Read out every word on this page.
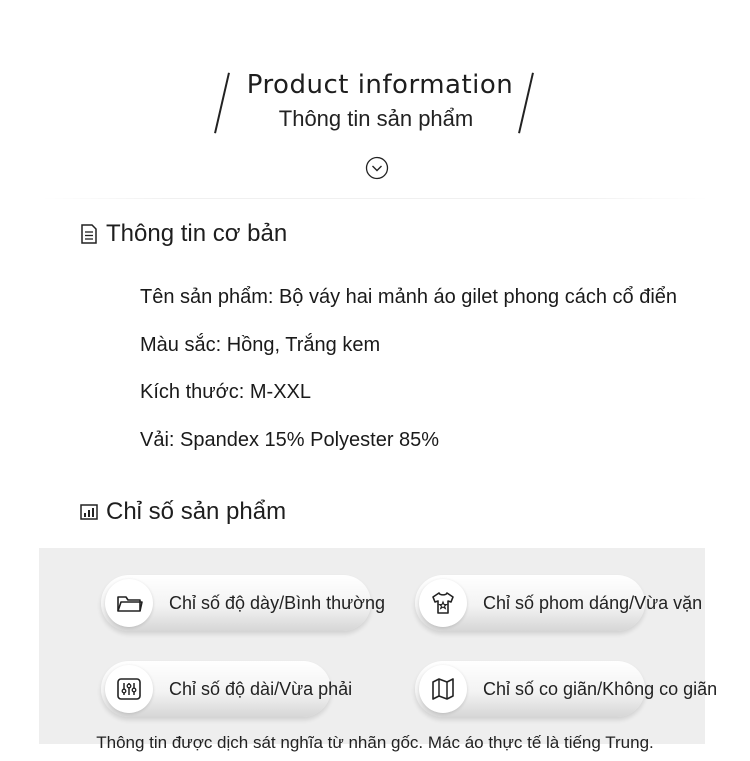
Product information
Thông tin sản phẩm
Thông tin cơ bản
Tên sản phẩm: Bộ váy hai mảnh áo gilet phong cách cổ điển
Màu sắc: Hồng, Trắng kem
Kích thước: M-XXL
Vải: Spandex 15% Polyester 85%
Chỉ số sản phẩm
Chỉ số độ dày/Bình thường	Chỉ số phom dáng/Vừa vặn
Chỉ số độ dài/Vừa phải	Chỉ số co giãn/Không co giãn
Thông tin được dịch sát nghĩa từ nhãn gốc. Mác áo thực tế là tiếng Trung.
